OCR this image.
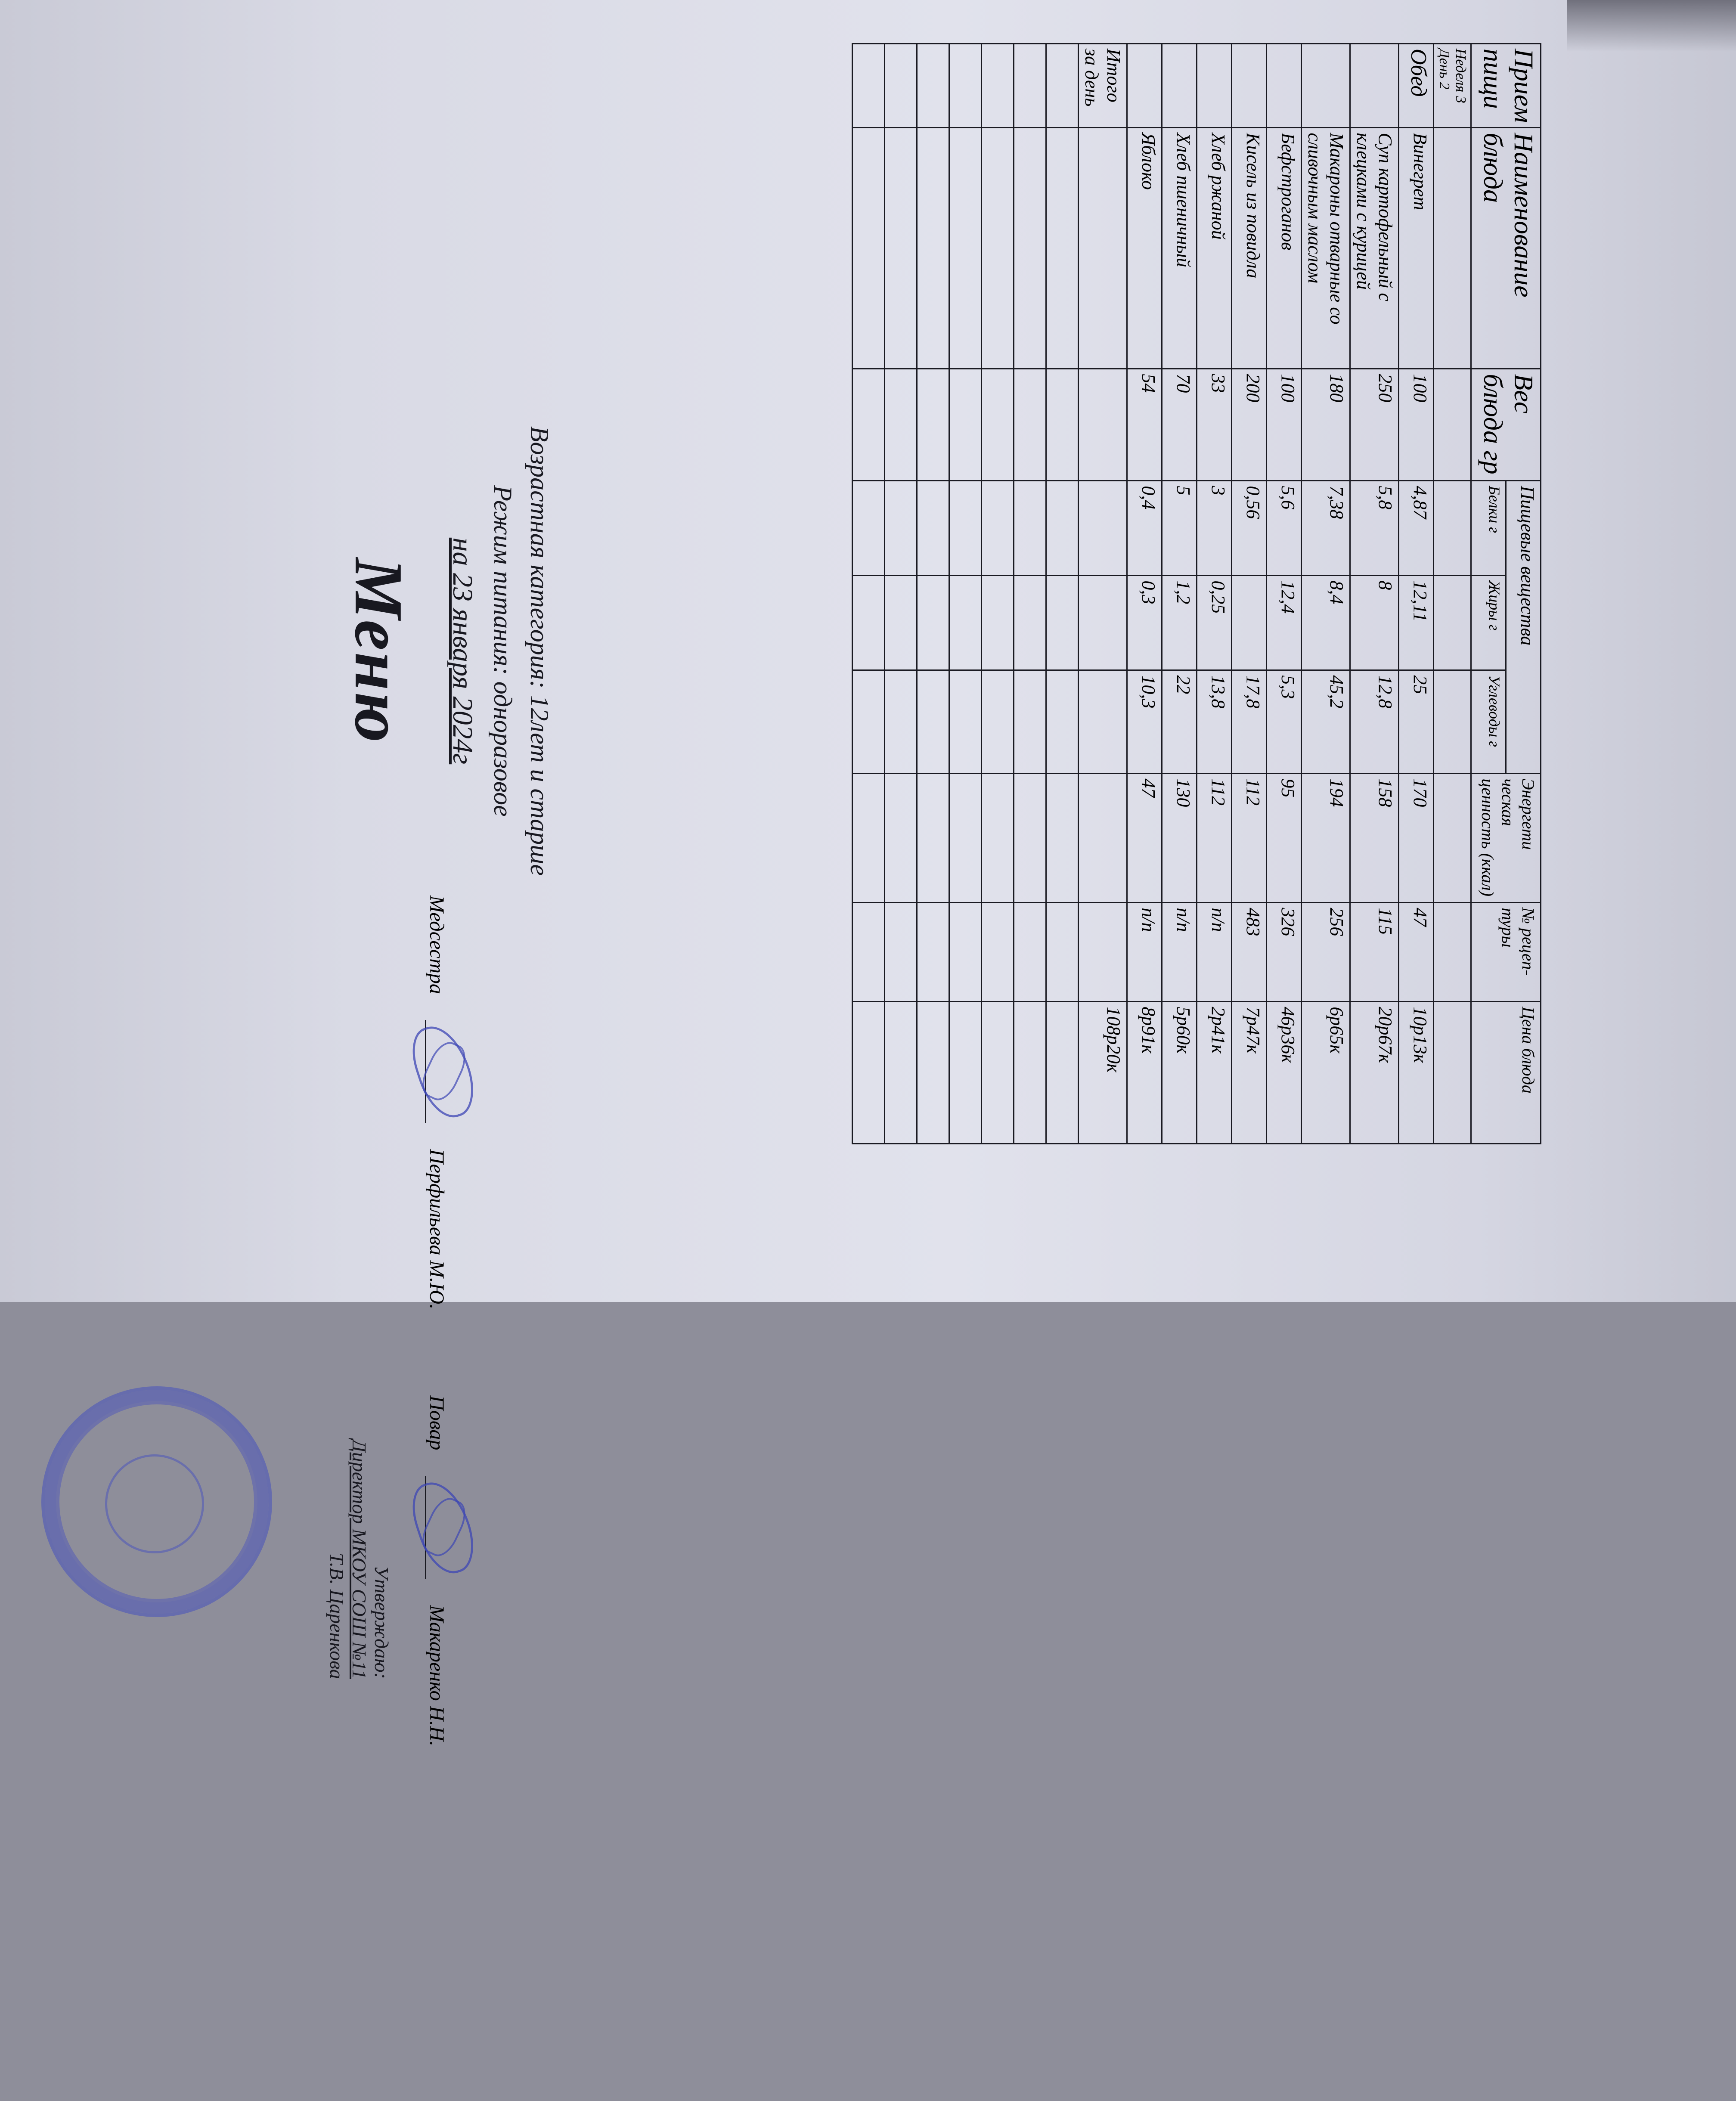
Утверждаю:
Директор МКОУ СОШ №11
Т.В. Царенкова
Меню на 23 января 2024г Режим питания: одноразовое Возрастная категория: 12лет и старше
Прием пищи	Наименование блюда	Вес блюда гр	Пищевые вещества			Энергети ческая ценность (ккал)	№ рецеп-туры	Цена блюда
			Белки г	Жиры г	Углеводы г			
Неделя 3 День 2								
Обед	Винегрет	100	4,87	12,11	25	170	47	10р13к
	Суп картофельный с клецками с курицей	250	5,8	8	12,8	158	115	20р67к
	Макароны отварные со сливочным маслом	180	7,38	8,4	45,2	194	256	6р65к
	Бефстроганов	100	5,6	12,4	5,3	95	326	46р36к
	Кисель из повидла	200	0,56		17,8	112	483	7р47к
	Хлеб ржаной	33	3	0,25	13,8	112	п/п	2р41к
	Хлеб пшеничный	70	5	1,2	22	130	п/п	5р60к
	Яблоко	54	0,4	0,3	10,3	47	п/п	8р91к
Итого за день								108р20к

Медсестра
Перфильева М.Ю.
Повар
Макаренко Н.Н.
